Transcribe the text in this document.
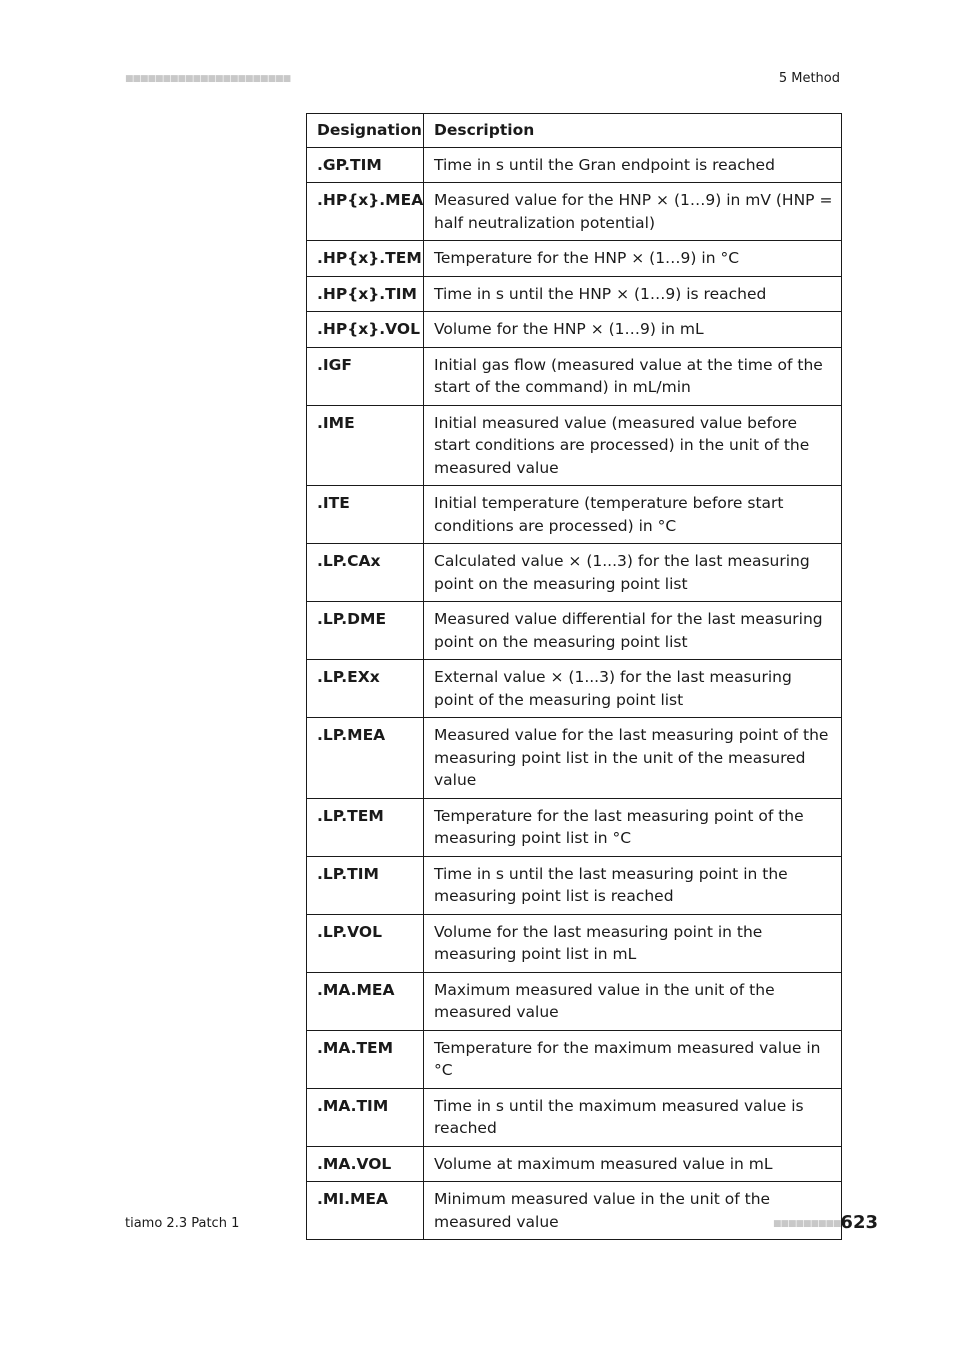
■■■■■■■■■■■■■■■■■■■■■■	5 Method
Designation	Description
.GP.TIM	Time in s until the Gran endpoint is reached
.HP{x}.MEA	Measured value for the HNP × (1…9) in mV (HNP = half neutralization potential)
.HP{x}.TEM	Temperature for the HNP × (1…9) in °C
.HP{x}.TIM	Time in s until the HNP × (1…9) is reached
.HP{x}.VOL	Volume for the HNP × (1…9) in mL
.IGF	Initial gas flow (measured value at the time of the start of the command) in mL/min
.IME	Initial measured value (measured value before start conditions are processed) in the unit of the measured value
.ITE	Initial temperature (temperature before start conditions are processed) in °C
.LP.CAx	Calculated value × (1...3) for the last measuring point on the measuring point list
.LP.DME	Measured value differential for the last measuring point on the measuring point list
.LP.EXx	External value × (1...3) for the last measuring point of the measuring point list
.LP.MEA	Measured value for the last measuring point of the measuring point list in the unit of the measured value
.LP.TEM	Temperature for the last measuring point of the measuring point list in °C
.LP.TIM	Time in s until the last measuring point in the measuring point list is reached
.LP.VOL	Volume for the last measuring point in the measuring point list in mL
.MA.MEA	Maximum measured value in the unit of the measured value
.MA.TEM	Temperature for the maximum measured value in °C
.MA.TIM	Time in s until the maximum measured value is reached
.MA.VOL	Volume at maximum measured value in mL
.MI.MEA	Minimum measured value in the unit of the measured value
tiamo 2.3 Patch 1	■■■■■■■■■ 623
